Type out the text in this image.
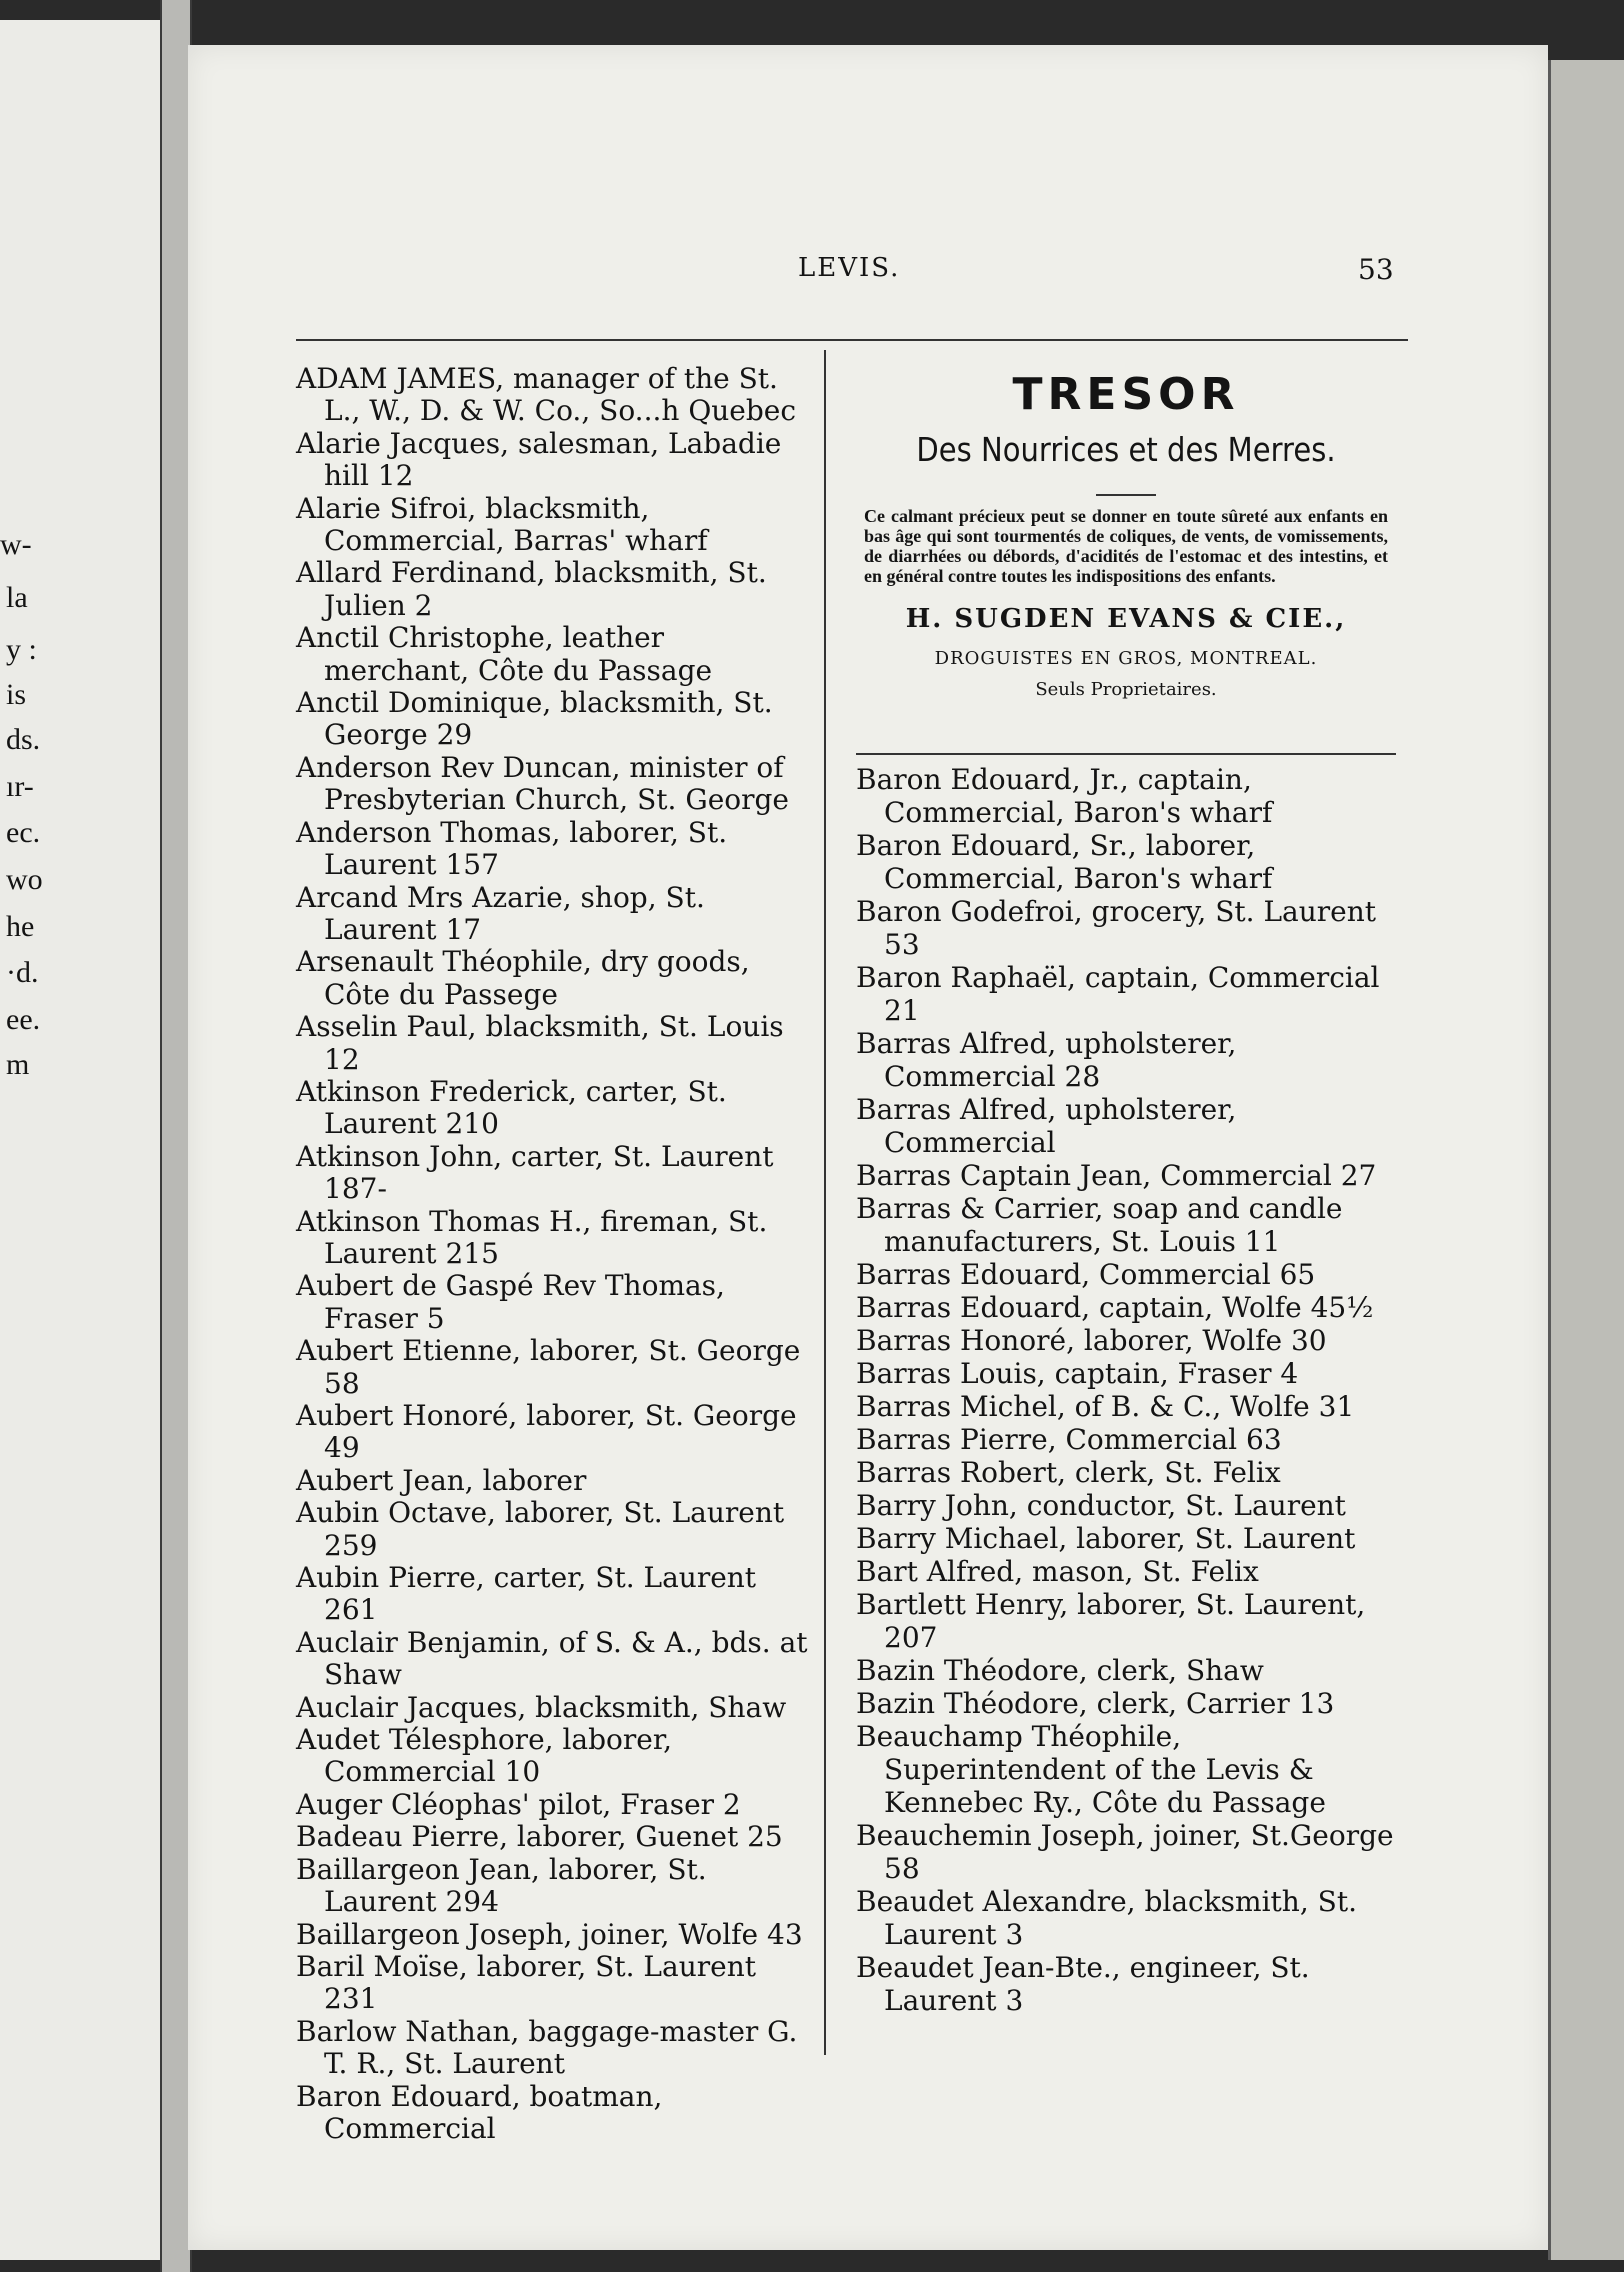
LEVIS.	53

ADAM JAMES, manager of the St. L., W., D. & W. Co., So...h Quebec

Alarie Jacques, salesman, Labadie hill 12

Alarie Sifroi, blacksmith, Commercial, Barras' wharf

Allard Ferdinand, blacksmith, St. Julien 2

Anctil Christophe, leather merchant, Côte du Passage

Anctil Dominique, blacksmith, St. George 29

Anderson Rev Duncan, minister of Presbyterian Church, St. George

Anderson Thomas, laborer, St. Laurent 157

Arcand Mrs Azarie, shop, St. Laurent 17

Arsenault Théophile, dry goods, Côte du Passege

Asselin Paul, blacksmith, St. Louis 12

Atkinson Frederick, carter, St. Laurent 210

Atkinson John, carter, St. Laurent 187-

Atkinson Thomas H., fireman, St. Laurent 215

Aubert de Gaspé Rev Thomas, Fraser 5

Aubert Etienne, laborer, St. George 58

Aubert Honoré, laborer, St. George 49

Aubert Jean, laborer

Aubin Octave, laborer, St. Laurent 259

Aubin Pierre, carter, St. Laurent 261

Auclair Benjamin, of S. & A., bds. at Shaw

Auclair Jacques, blacksmith, Shaw

Audet Télesphore, laborer, Commercial 10

Auger Cléophas' pilot, Fraser 2

Badeau Pierre, laborer, Guenet 25

Baillargeon Jean, laborer, St. Laurent 294

Baillargeon Joseph, joiner, Wolfe 43

Baril Moïse, laborer, St. Laurent 231

Barlow Nathan, baggage-master G. T. R., St. Laurent

Baron Edouard, boatman, Commercial

TRESOR

Des Nourrices et des Merres.

Ce calmant précieux peut se donner en toute sûreté aux enfants en bas âge qui sont tourmentés de coliques, de vents, de vomissements, de diarrhées ou débords, d'acidités de l'estomac et des intestins, et en général contre toutes les indispositions des enfants.

H. SUGDEN EVANS & CIE.,

DROGUISTES EN GROS, MONTREAL.

Seuls Proprietaires.

Baron Edouard, Jr., captain, Commercial, Baron's wharf

Baron Edouard, Sr., laborer, Commercial, Baron's wharf

Baron Godefroi, grocery, St. Laurent 53

Baron Raphaël, captain, Commercial 21

Barras Alfred, upholsterer, Commercial 28

Barras Alfred, upholsterer, Commercial

Barras Captain Jean, Commercial 27

Barras & Carrier, soap and candle manufacturers, St. Louis 11

Barras Edouard, Commercial 65

Barras Edouard, captain, Wolfe 45½

Barras Honoré, laborer, Wolfe 30

Barras Louis, captain, Fraser 4

Barras Michel, of B. & C., Wolfe 31

Barras Pierre, Commercial 63

Barras Robert, clerk, St. Felix

Barry John, conductor, St. Laurent

Barry Michael, laborer, St. Laurent

Bart Alfred, mason, St. Felix

Bartlett Henry, laborer, St. Laurent, 207

Bazin Théodore, clerk, Shaw

Bazin Théodore, clerk, Carrier 13

Beauchamp Théophile, Superintendent of the Levis & Kennebec Ry., Côte du Passage

Beauchemin Joseph, joiner, St.George 58

Beaudet Alexandre, blacksmith, St. Laurent 3

Beaudet Jean-Bte., engineer, St. Laurent 3

w-
la
y :
is
ds.
ır-
ec.
wo
he
·d.
ee.
m
